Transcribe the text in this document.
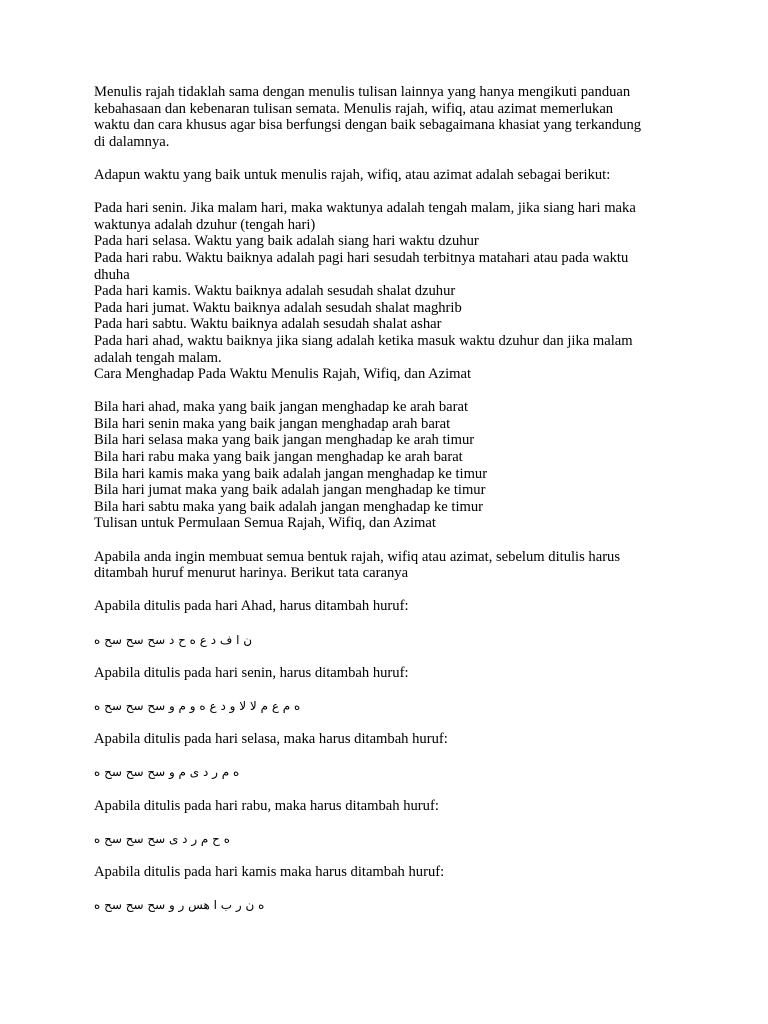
Menulis rajah tidaklah sama dengan menulis tulisan lainnya yang hanya mengikuti panduan
kebahasaan dan kebenaran tulisan semata. Menulis rajah, wifiq, atau azimat memerlukan
waktu dan cara khusus agar bisa berfungsi dengan baik sebagaimana khasiat yang terkandung
di dalamnya.

Adapun waktu yang baik untuk menulis rajah, wifiq, atau azimat adalah sebagai berikut:

Pada hari senin. Jika malam hari, maka waktunya adalah tengah malam, jika siang hari maka
waktunya adalah dzuhur (tengah hari)
Pada hari selasa. Waktu yang baik adalah siang hari waktu dzuhur
Pada hari rabu. Waktu baiknya adalah pagi hari sesudah terbitnya matahari atau pada waktu
dhuha
Pada hari kamis. Waktu baiknya adalah sesudah shalat dzuhur
Pada hari jumat. Waktu baiknya adalah sesudah shalat maghrib
Pada hari sabtu. Waktu baiknya adalah sesudah shalat ashar
Pada hari ahad, waktu baiknya jika siang adalah ketika masuk waktu dzuhur dan jika malam
adalah tengah malam.
Cara Menghadap Pada Waktu Menulis Rajah, Wifiq, dan Azimat

Bila hari ahad, maka yang baik jangan menghadap ke arah barat
Bila hari senin maka yang baik jangan menghadap arah barat
Bila hari selasa maka yang baik jangan menghadap ke arah timur
Bila hari rabu maka yang baik jangan menghadap ke arah barat
Bila hari kamis maka yang baik adalah jangan menghadap ke timur
Bila hari jumat maka yang baik adalah jangan menghadap ke timur
Bila hari sabtu maka yang baik adalah jangan menghadap ke timur
Tulisan untuk Permulaan Semua Rajah, Wifiq, dan Azimat

Apabila anda ingin membuat semua bentuk rajah, wifiq atau azimat, sebelum ditulis harus
ditambah huruf menurut harinya. Berikut tata caranya

Apabila ditulis pada hari Ahad, harus ditambah huruf:

ن ا ف د ع ه ح د سح سح سح ه

Apabila ditulis pada hari senin, harus ditambah huruf:

ه م ع م لا لا و د ع ه و م و سح سح سح ه

Apabila ditulis pada hari selasa, maka harus ditambah huruf:

ه م ر د ى م و سح سح سح ه

Apabila ditulis pada hari rabu, maka harus ditambah huruf:

ه ح م ر د ى سح سح سح ه

Apabila ditulis pada hari kamis maka harus ditambah huruf:

ه ن ر ب ا هس ر و سح سح سح ه
